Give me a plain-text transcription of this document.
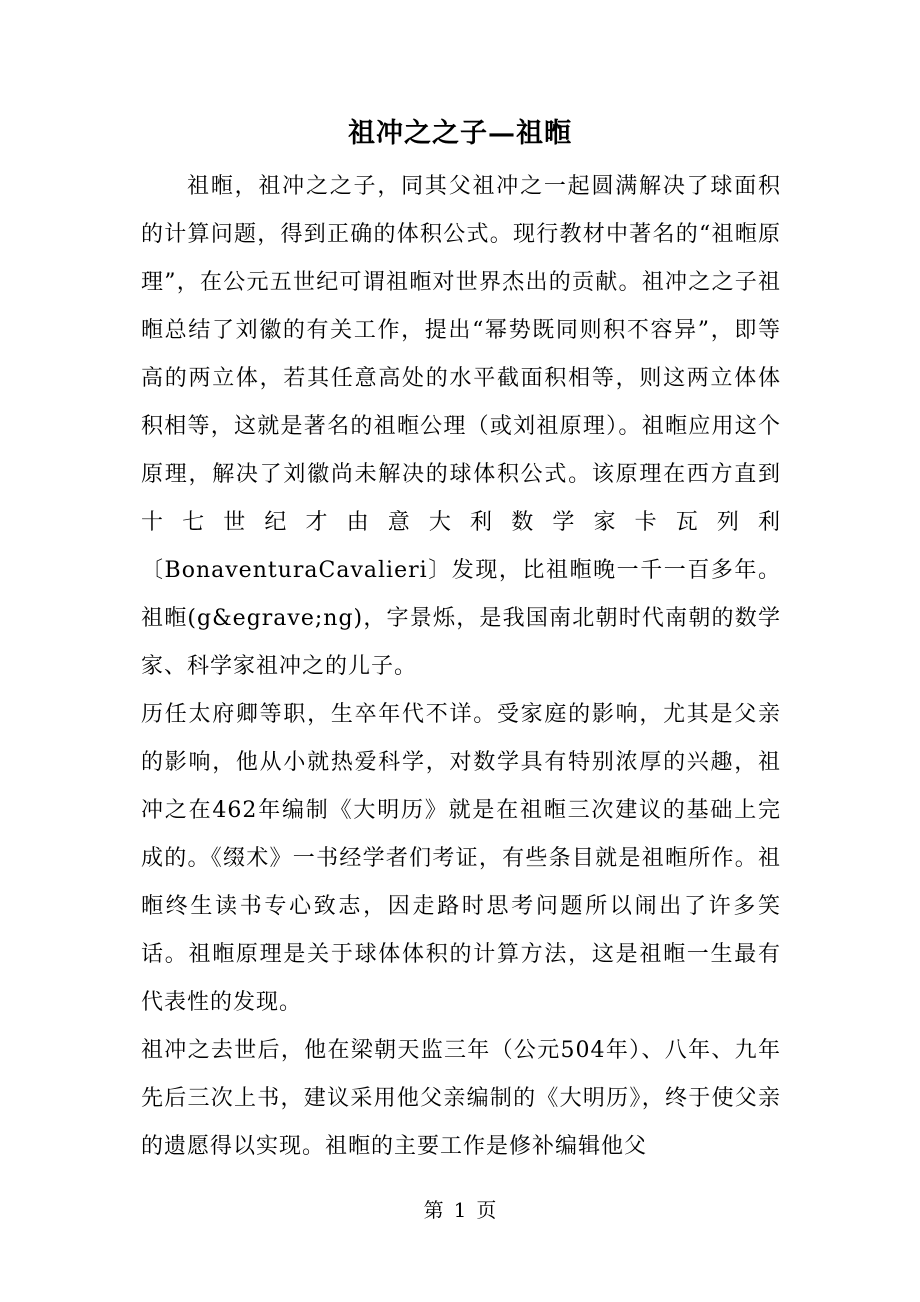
祖冲之之子—祖暅

祖暅，祖冲之之子，同其父祖冲之一起圆满解决了球面积的计算问题，得到正确的体积公式。现行教材中著名的“祖暅原理”，在公元五世纪可谓祖暅对世界杰出的贡献。祖冲之之子祖暅总结了刘徽的有关工作，提出“幂势既同则积不容异”，即等高的两立体，若其任意高处的水平截面积相等，则这两立体体积相等，这就是著名的祖暅公理（或刘祖原理）。祖暅应用这个原理，解决了刘徽尚未解决的球体积公式。该原理在西方直到十七世纪才由意大利数学家卡瓦列利〔BonaventuraCavalieri〕发现，比祖暅晚一千一百多年。祖暅(g&egrave;ng)，字景烁，是我国南北朝时代南朝的数学家、科学家祖冲之的儿子。

历任太府卿等职，生卒年代不详。受家庭的影响，尤其是父亲的影响，他从小就热爱科学，对数学具有特别浓厚的兴趣，祖冲之在462年编制《大明历》就是在祖暅三次建议的基础上完成的。《缀术》一书经学者们考证，有些条目就是祖暅所作。祖暅终生读书专心致志，因走路时思考问题所以闹出了许多笑话。祖暅原理是关于球体体积的计算方法，这是祖暅一生最有代表性的发现。

祖冲之去世后，他在梁朝天监三年（公元504年）、八年、九年先后三次上书，建议采用他父亲编制的《大明历》，终于使父亲的遗愿得以实现。祖暅的主要工作是修补编辑他父

第 1 页
